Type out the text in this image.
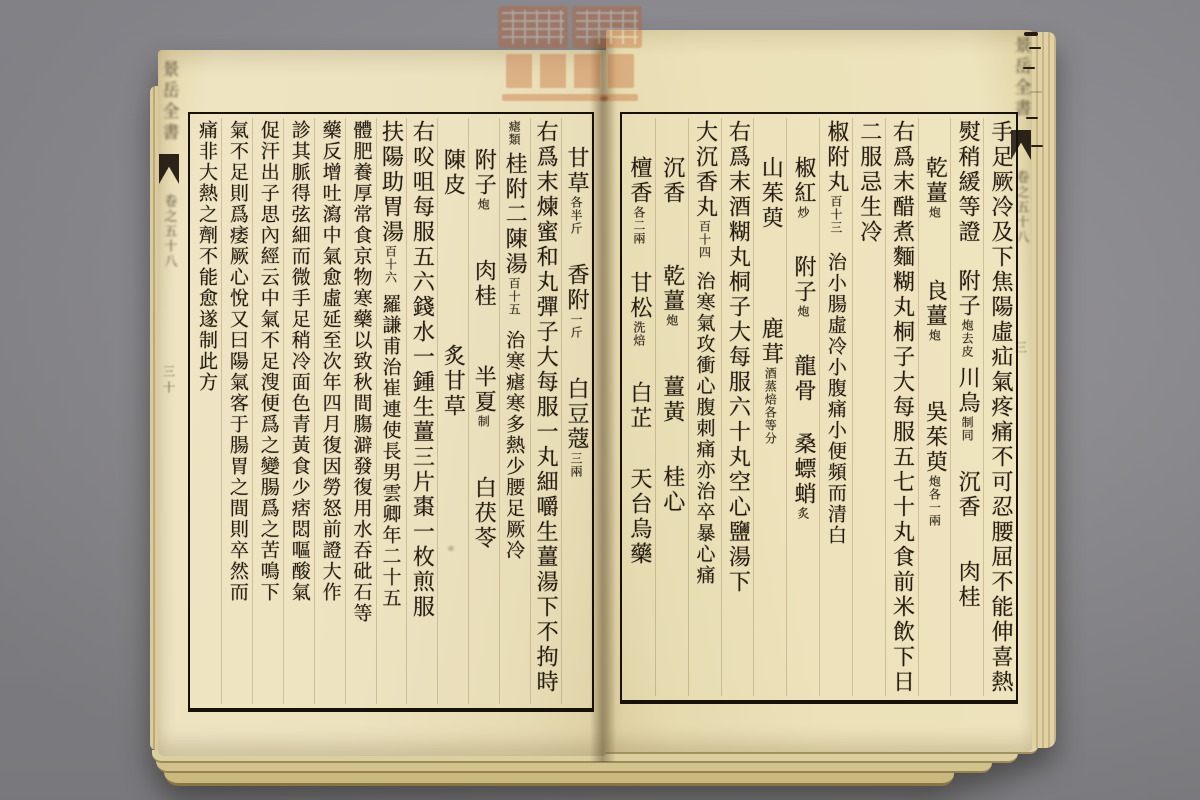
景岳全書
卷之五十八
三十
景岳全書
卷之五十八
三
手足厥冷及下焦陽虛疝氣疼痛不可忍腰屈不能伸喜熱
熨稍緩等證附子炮去皮川烏制同沉香肉桂
乾薑炮良薑炮吳茱萸炮各一兩
右爲末醋煮麵糊丸桐子大每服五七十丸食前米飲下日
二服忌生冷
椒附丸百十三治小腸虛冷小腹痛小便頻而清白
椒紅炒附子炮龍骨桑螵蛸炙
山茱萸鹿茸酒蒸焙各等分
右爲末酒糊丸桐子大每服六十丸空心鹽湯下
大沉香丸百十四治寒氣攻衝心腹刺痛亦治卒暴心痛
沉香乾薑炮薑黃桂心
檀香各二兩甘松洗焙白芷天台烏藥
甘草各半斤香附一斤白豆蔻三兩
右爲末煉蜜和丸彈子大每服一丸細嚼生薑湯下不拘時
瘧類桂附二陳湯百十五治寒瘧寒多熱少腰足厥冷
附子炮肉桂半夏制白茯苓
陳皮炙甘草
右㕮咀每服五六錢水一鍾生薑三片棗一枚煎服
扶陽助胃湯百十六羅謙甫治崔連使長男雲卿年二十五
體肥養厚常食京物寒藥以致秋間膓澼發復用水吞砒石等
藥反增吐瀉中氣愈虛延至次年四月復因勞怒前證大作
診其脈得弦細而微手足稍冷面色青黃食少痞悶嘔酸氣
促汗出子思內經云中氣不足溲便爲之變腸爲之苦鳴下
氣不足則爲痿厥心悅又曰陽氣客于腸胃之間則卒然而
痛非大熱之劑不能愈遂制此方
